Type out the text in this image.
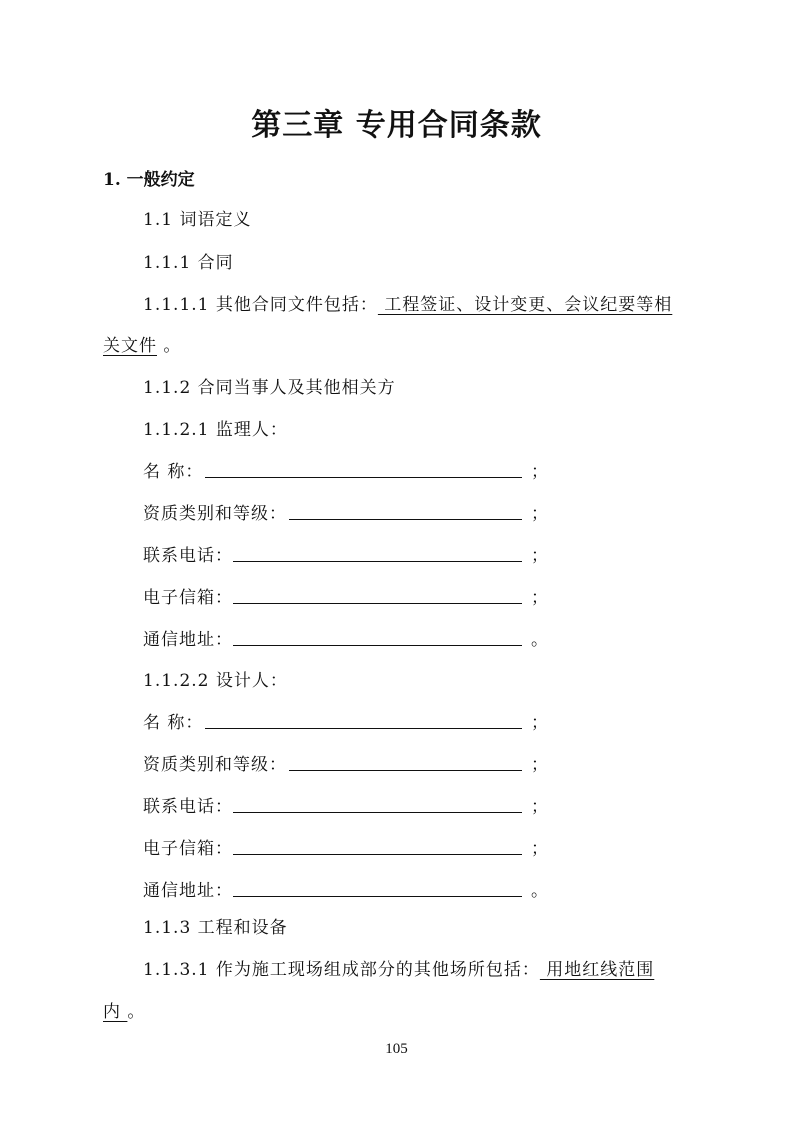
第三章 专用合同条款
1. 一般约定
1.1 词语定义
1.1.1 合同
1.1.1.1 其他合同文件包括： 工程签证、设计变更、会议纪要等相
关文件 。
1.1.2 合同当事人及其他相关方
1.1.2.1 监理人：
名 称：	；
资质类别和等级：	；
联系电话：	；
电子信箱：	；
通信地址：	。
1.1.2.2 设计人：
名 称：	；
资质类别和等级：	；
联系电话：	；
电子信箱：	；
通信地址：	。
1.1.3 工程和设备
1.1.3.1 作为施工现场组成部分的其他场所包括： 用地红线范围
内 。
105
